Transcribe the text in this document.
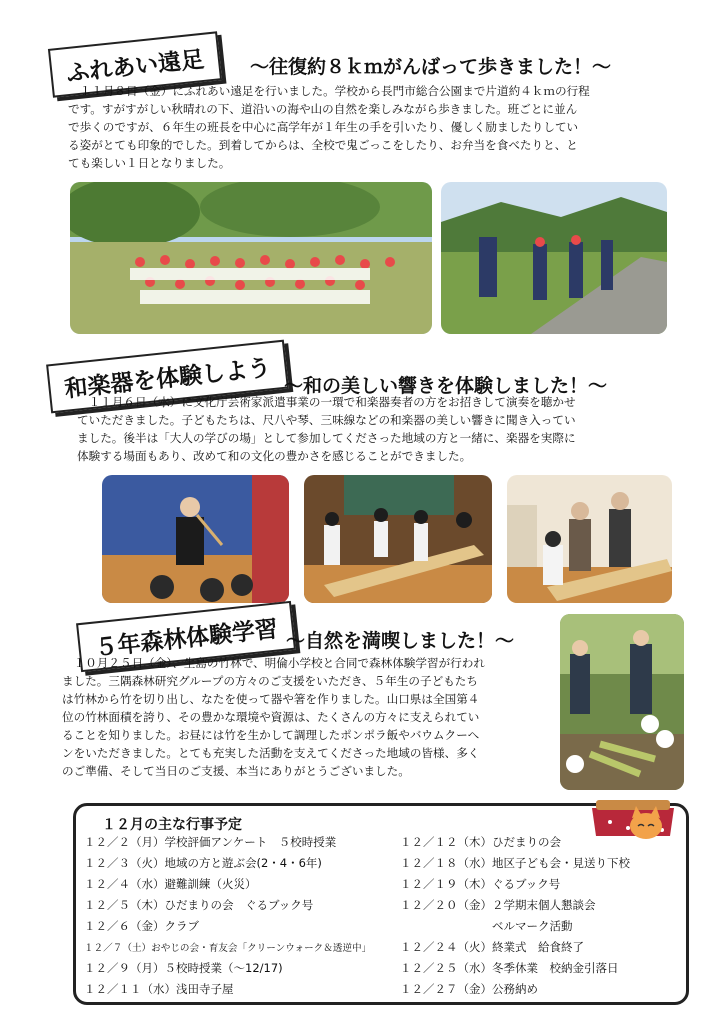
ふれあい遠足	〜往復約８ｋｍがんばって歩きました！〜
　１１月８日（金）にふれあい遠足を行いました。学校から長門市総合公園まで片道約４ｋｍの行程
です。すがすがしい秋晴れの下、道沿いの海や山の自然を楽しみながら歩きました。班ごとに並ん
で歩くのですが、６年生の班長を中心に高学年が１年生の手を引いたり、優しく励ましたりしてい
る姿がとても印象的でした。到着してからは、全校で鬼ごっこをしたり、お弁当を食べたりと、と
ても楽しい１日となりました。
和楽器を体験しよう 〜和の美しい響きを体験しました！〜
　１１月６日（水）に文化庁芸術家派遣事業の一環で和楽器奏者の方をお招きして演奏を聴かせ
ていただきました。子どもたちは、尺八や琴、三味線などの和楽器の美しい響きに聞き入ってい
ました。後半は「大人の学びの場」として参加してくださった地域の方と一緒に、楽器を実際に
体験する場面もあり、改めて和の文化の豊かさを感じることができました。
５年森林体験学習 〜自然を満喫しました！〜
　１０月２５日（金）、生島の竹林で、明倫小学校と合同で森林体験学習が行われ
ました。三隅森林研究グループの方々のご支援をいただき、５年生の子どもたち
は竹林から竹を切り出し、なたを使って器や箸を作りました。山口県は全国第４
位の竹林面積を誇り、その豊かな環境や資源は、たくさんの方々に支えられてい
ることを知りました。お昼には竹を生かして調理したポンポラ飯やバウムクーへ
ンをいただきました。とても充実した活動を支えてくださった地域の皆様、多く
のご準備、そして当日のご支援、本当にありがとうございました。
１２月の主な行事予定
１２／２（月）学校評価アンケート　５校時授業
１２／３（火）地域の方と遊ぶ会(2・4・6年)
１２／４（水）避難訓練（火災）
１２／５（木）ひだまりの会　ぐるブック号
１２／６（金）クラブ
１２／７（土）おやじの会・育友会「クリーンウォーク＆透逆中」
１２／９（月）５校時授業（〜12/17)
１２／１１（水）浅田寺子屋
１２／１２（木）ひだまりの会
１２／１８（水）地区子ども会・見送り下校
１２／１９（木）ぐるブック号
１２／２０（金）２学期末個人懇談会
　　　　　　　　ベルマーク活動
１２／２４（火）終業式　給食終了
１２／２５（水）冬季休業　校納金引落日
１２／２７（金）公務納め
